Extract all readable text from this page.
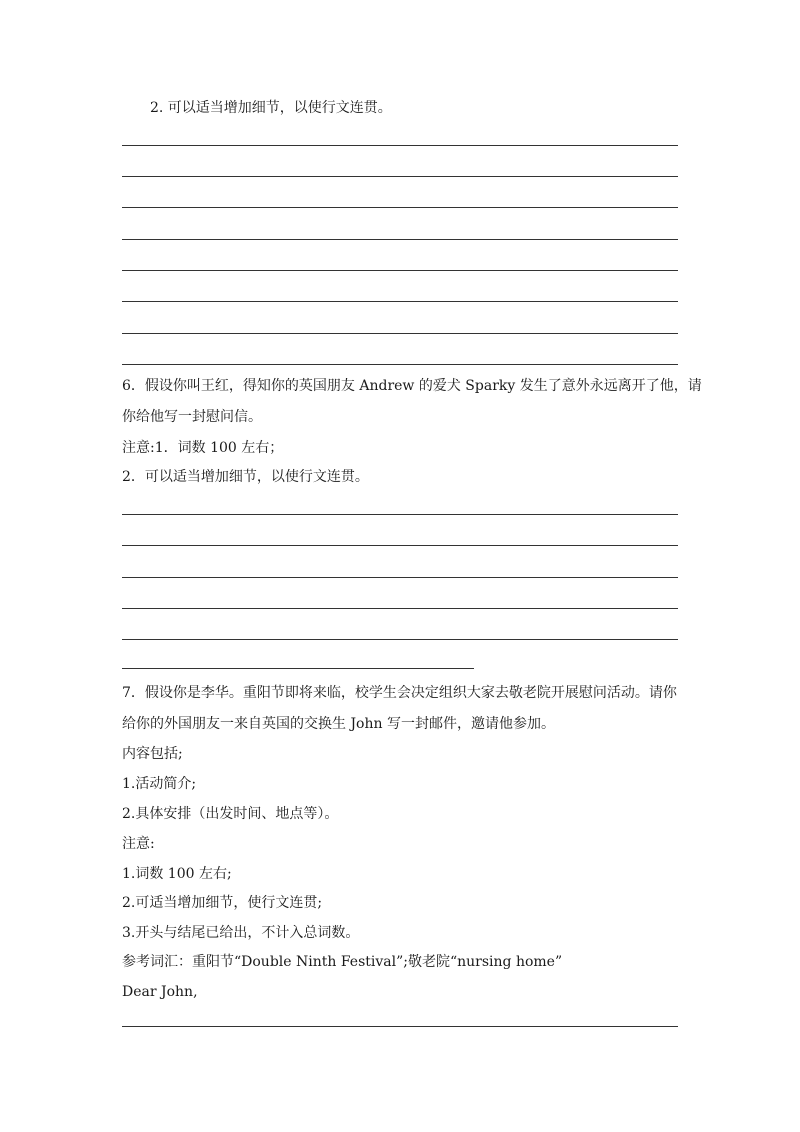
2. 可以适当增加细节，以使行文连贯。
6．假设你叫王红，得知你的英国朋友 Andrew 的爱犬 Sparky 发生了意外永远离开了他，请
你给他写一封慰问信。
注意:1．词数 100 左右；
2．可以适当增加细节，以使行文连贯。
7．假设你是李华。重阳节即将来临，校学生会决定组织大家去敬老院开展慰问活动。请你
给你的外国朋友一来自英国的交换生 John 写一封邮件，邀请他参加。
内容包括;
1.活动简介;
2.具体安排（出发时间、地点等）。
注意:
1.词数 100 左右;
2.可适当增加细节，使行文连贯;
3.开头与结尾已给出，不计入总词数。
参考词汇：重阳节“Double Ninth Festival”;敬老院“nursing home”
Dear John,
